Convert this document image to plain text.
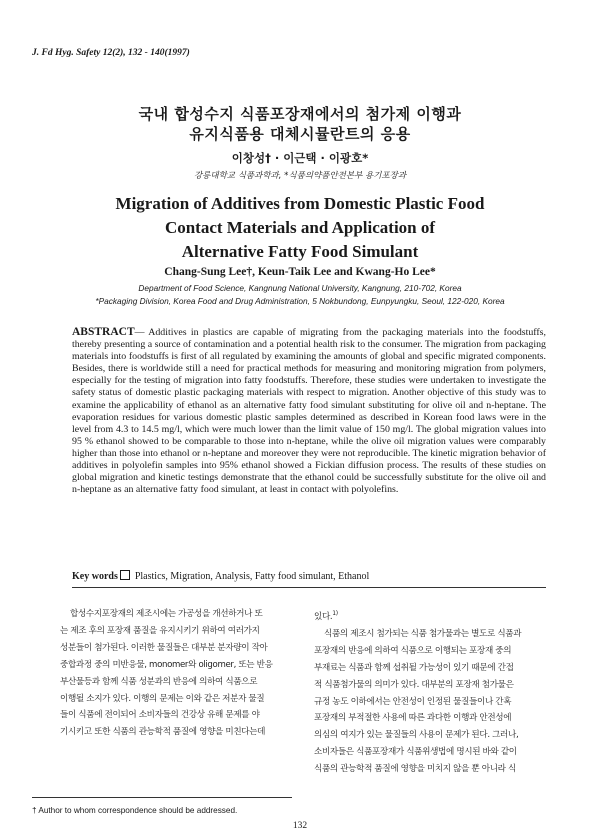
J. Fd Hyg. Safety 12(2), 132 - 140(1997)
국내 합성수지 식품포장재에서의 첨가제 이행과
유지식품용 대체시뮬란트의 응용
이창성† · 이근택 · 이광호*
강릉대학교 식품과학과, *식품의약품안전본부 용기포장과
Migration of Additives from Domestic Plastic Food
Contact Materials and Application of
Alternative Fatty Food Simulant
Chang-Sung Lee†, Keun-Taik Lee and Kwang-Ho Lee*
Department of Food Science, Kangnung National University, Kangnung, 210-702, Korea
*Packaging Division, Korea Food and Drug Administration, 5 Nokbundong, Eunpyungku, Seoul, 122-020, Korea
ABSTRACT— Additives in plastics are capable of migrating from the packaging materials into the foodstuffs, thereby presenting a source of contamination and a potential health risk to the consumer. The migration from packaging materials into foodstuffs is first of all regulated by examining the amounts of global and specific migrated components. Besides, there is worldwide still a need for practical methods for measuring and monitoring migration from polymers, especially for the testing of migration into fatty foodstuffs. Therefore, these studies were undertaken to investigate the safety status of domestic plastic packaging materials with respect to migration. Another objective of this study was to examine the applicability of ethanol as an alternative fatty food simulant substituting for olive oil and n-heptane. The evaporation residues for various domestic plastic samples determined as described in Korean food laws were in the level from 4.3 to 14.5 mg/l, which were much lower than the limit value of 150 mg/l. The global migration values into 95 % ethanol showed to be comparable to those into n-heptane, while the olive oil migration values were comparably higher than those into ethanol or n-heptane and moreover they were not reproducible. The kinetic migration behavior of additives in polyolefin samples into 95% ethanol showed a Fickian diffusion process. The results of these studies on global migration and kinetic testings demonstrate that the ethanol could be successfully substitute for the olive oil and n-heptane as an alternative fatty food simulant, at least in contact with polyolefins.
Key words Plastics, Migration, Analysis, Fatty food simulant, Ethanol
합성수지포장재의 제조시에는 가공성을 개선하거나 또
는 제조 후의 포장재 품질을 유지시키기 위하여 여러가지
성분들이 첨가된다. 이러한 물질들은 대부분 분자량이 작아
중합과정 중의 미반응물, monomer와 oligomer, 또는 반응
부산물등과 함께 식품 성분과의 반응에 의하여 식품으로
이행될 소지가 있다. 이행의 문제는 이와 같은 저분자 물질
들이 식품에 전이되어 소비자들의 건강상 유해 문제를 야
기시키고 또한 식품의 관능학적 품질에 영향을 미친다는데
있다.$^{1)}$
식품의 제조시 첨가되는 식품 첨가물과는 별도로 식품과
포장재의 반응에 의하여 식품으로 이행되는 포장재 중의
부재료는 식품과 함께 섭취될 가능성이 있기 때문에 간접
적 식품첨가물의 의미가 있다. 대부분의 포장재 첨가물은
규정 농도 이하에서는 안전성이 인정된 물질들이나 간혹
포장재의 부적절한 사용에 따른 과다한 이행과 안전성에
의심의 여지가 있는 물질들의 사용이 문제가 된다. 그러나,
소비자들은 식품포장재가 식품위생법에 명시된 바와 같이
식품의 관능학적 품질에 영향을 미치지 않을 뿐 아니라 식
† Author to whom correspondence should be addressed.
132
